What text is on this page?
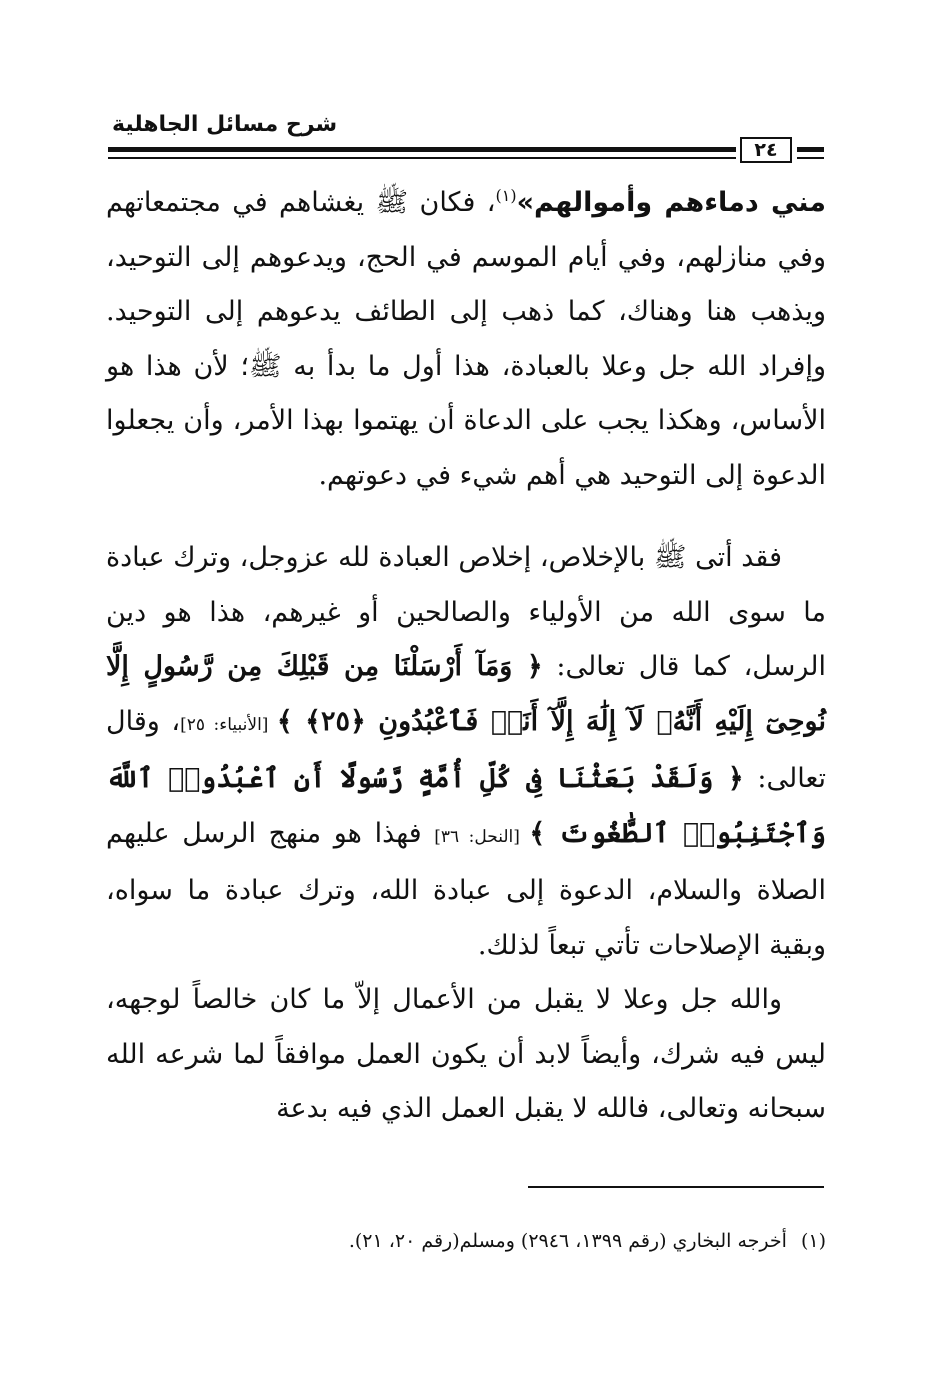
شرح مسائل الجاهلية
٢٤

مني دماءهم وأموالهم»$^{(١)}$، فكان ﷺ يغشاهم في مجتمعاتهم وفي منازلهم، وفي أيام الموسم في الحج، ويدعوهم إلى التوحيد، ويذهب هنا وهناك، كما ذهب إلى الطائف يدعوهم إلى التوحيد. وإفراد الله جل وعلا بالعبادة، هذا أول ما بدأ به ﷺ؛ لأن هذا هو الأساس، وهكذا يجب على الدعاة أن يهتموا بهذا الأمر، وأن يجعلوا الدعوة إلى التوحيد هي أهم شيء في دعوتهم.

فقد أتى ﷺ بالإخلاص، إخلاص العبادة لله عزوجل، وترك عبادة ما سوى الله من الأولياء والصالحين أو غيرهم، هذا هو دين الرسل، كما قال تعالى: ﴿ وَمَآ أَرْسَلْنَا مِن قَبْلِكَ مِن رَّسُولٍ إِلَّا نُوحِىٓ إِلَيْهِ أَنَّهُۥ لَآ إِلَٰهَ إِلَّآ أَنَا۠ فَٱعْبُدُونِ ﴿٢٥﴾ ﴾ [الأنبياء: ٢٥]، وقال تعالى: ﴿ وَلَقَدْ بَعَثْنَا فِى كُلِّ أُمَّةٍ رَّسُولًا أَنِ ٱعْبُدُوا۟ ٱللَّهَ وَٱجْتَنِبُوا۟ ٱلطَّٰغُوتَ ﴾ [النحل: ٣٦] فهذا هو منهج الرسل عليهم الصلاة والسلام، الدعوة إلى عبادة الله، وترك عبادة ما سواه، وبقية الإصلاحات تأتي تبعاً لذلك.

والله جل وعلا لا يقبل من الأعمال إلاّ ما كان خالصاً لوجهه، ليس فيه شرك، وأيضاً لابد أن يكون العمل موافقاً لما شرعه الله سبحانه وتعالى، فالله لا يقبل العمل الذي فيه بدعة

(١)أخرجه البخاري (رقم ١٣٩٩، ٢٩٤٦) ومسلم(رقم ٢٠، ٢١).
